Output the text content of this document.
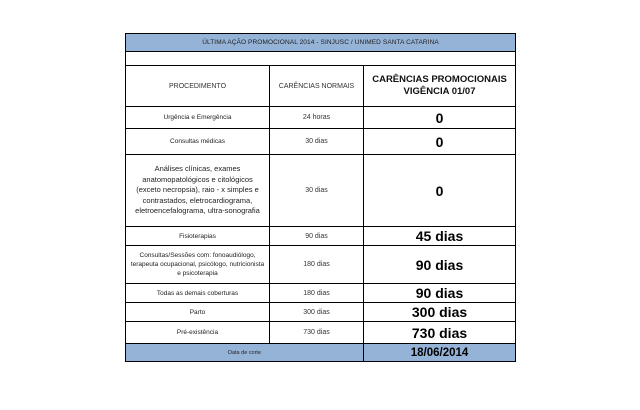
ÚLTIMA AÇÃO PROMOCIONAL 2014 - SINJUSC / UNIMED SANTA CATARINA		

PROCEDIMENTO	CARÊNCIAS NORMAIS	CARÊNCIAS PROMOCIONAIS
VIGÊNCIA 01/07

Urgência e Emergência	24 horas	0
Consultas médicas	30 dias	0
Análises clínicas, exames anatomopatológicos e citológicos (exceto necropsia), raio - x simples e contrastados, eletrocardiograma, eletroencefalograma, ultra-sonografia	30 dias	0
Fisioterapias	90 dias	45 dias
Consultas/Sessões com: fonoaudiólogo, terapeuta ocupacional, psicólogo, nutricionista e psicoterapia	180 dias	90 dias
Todas as demais coberturas	180 dias	90 dias
Parto	300 dias	300 dias
Pré-existência	730 dias	730 dias
Data de corte		18/06/2014
